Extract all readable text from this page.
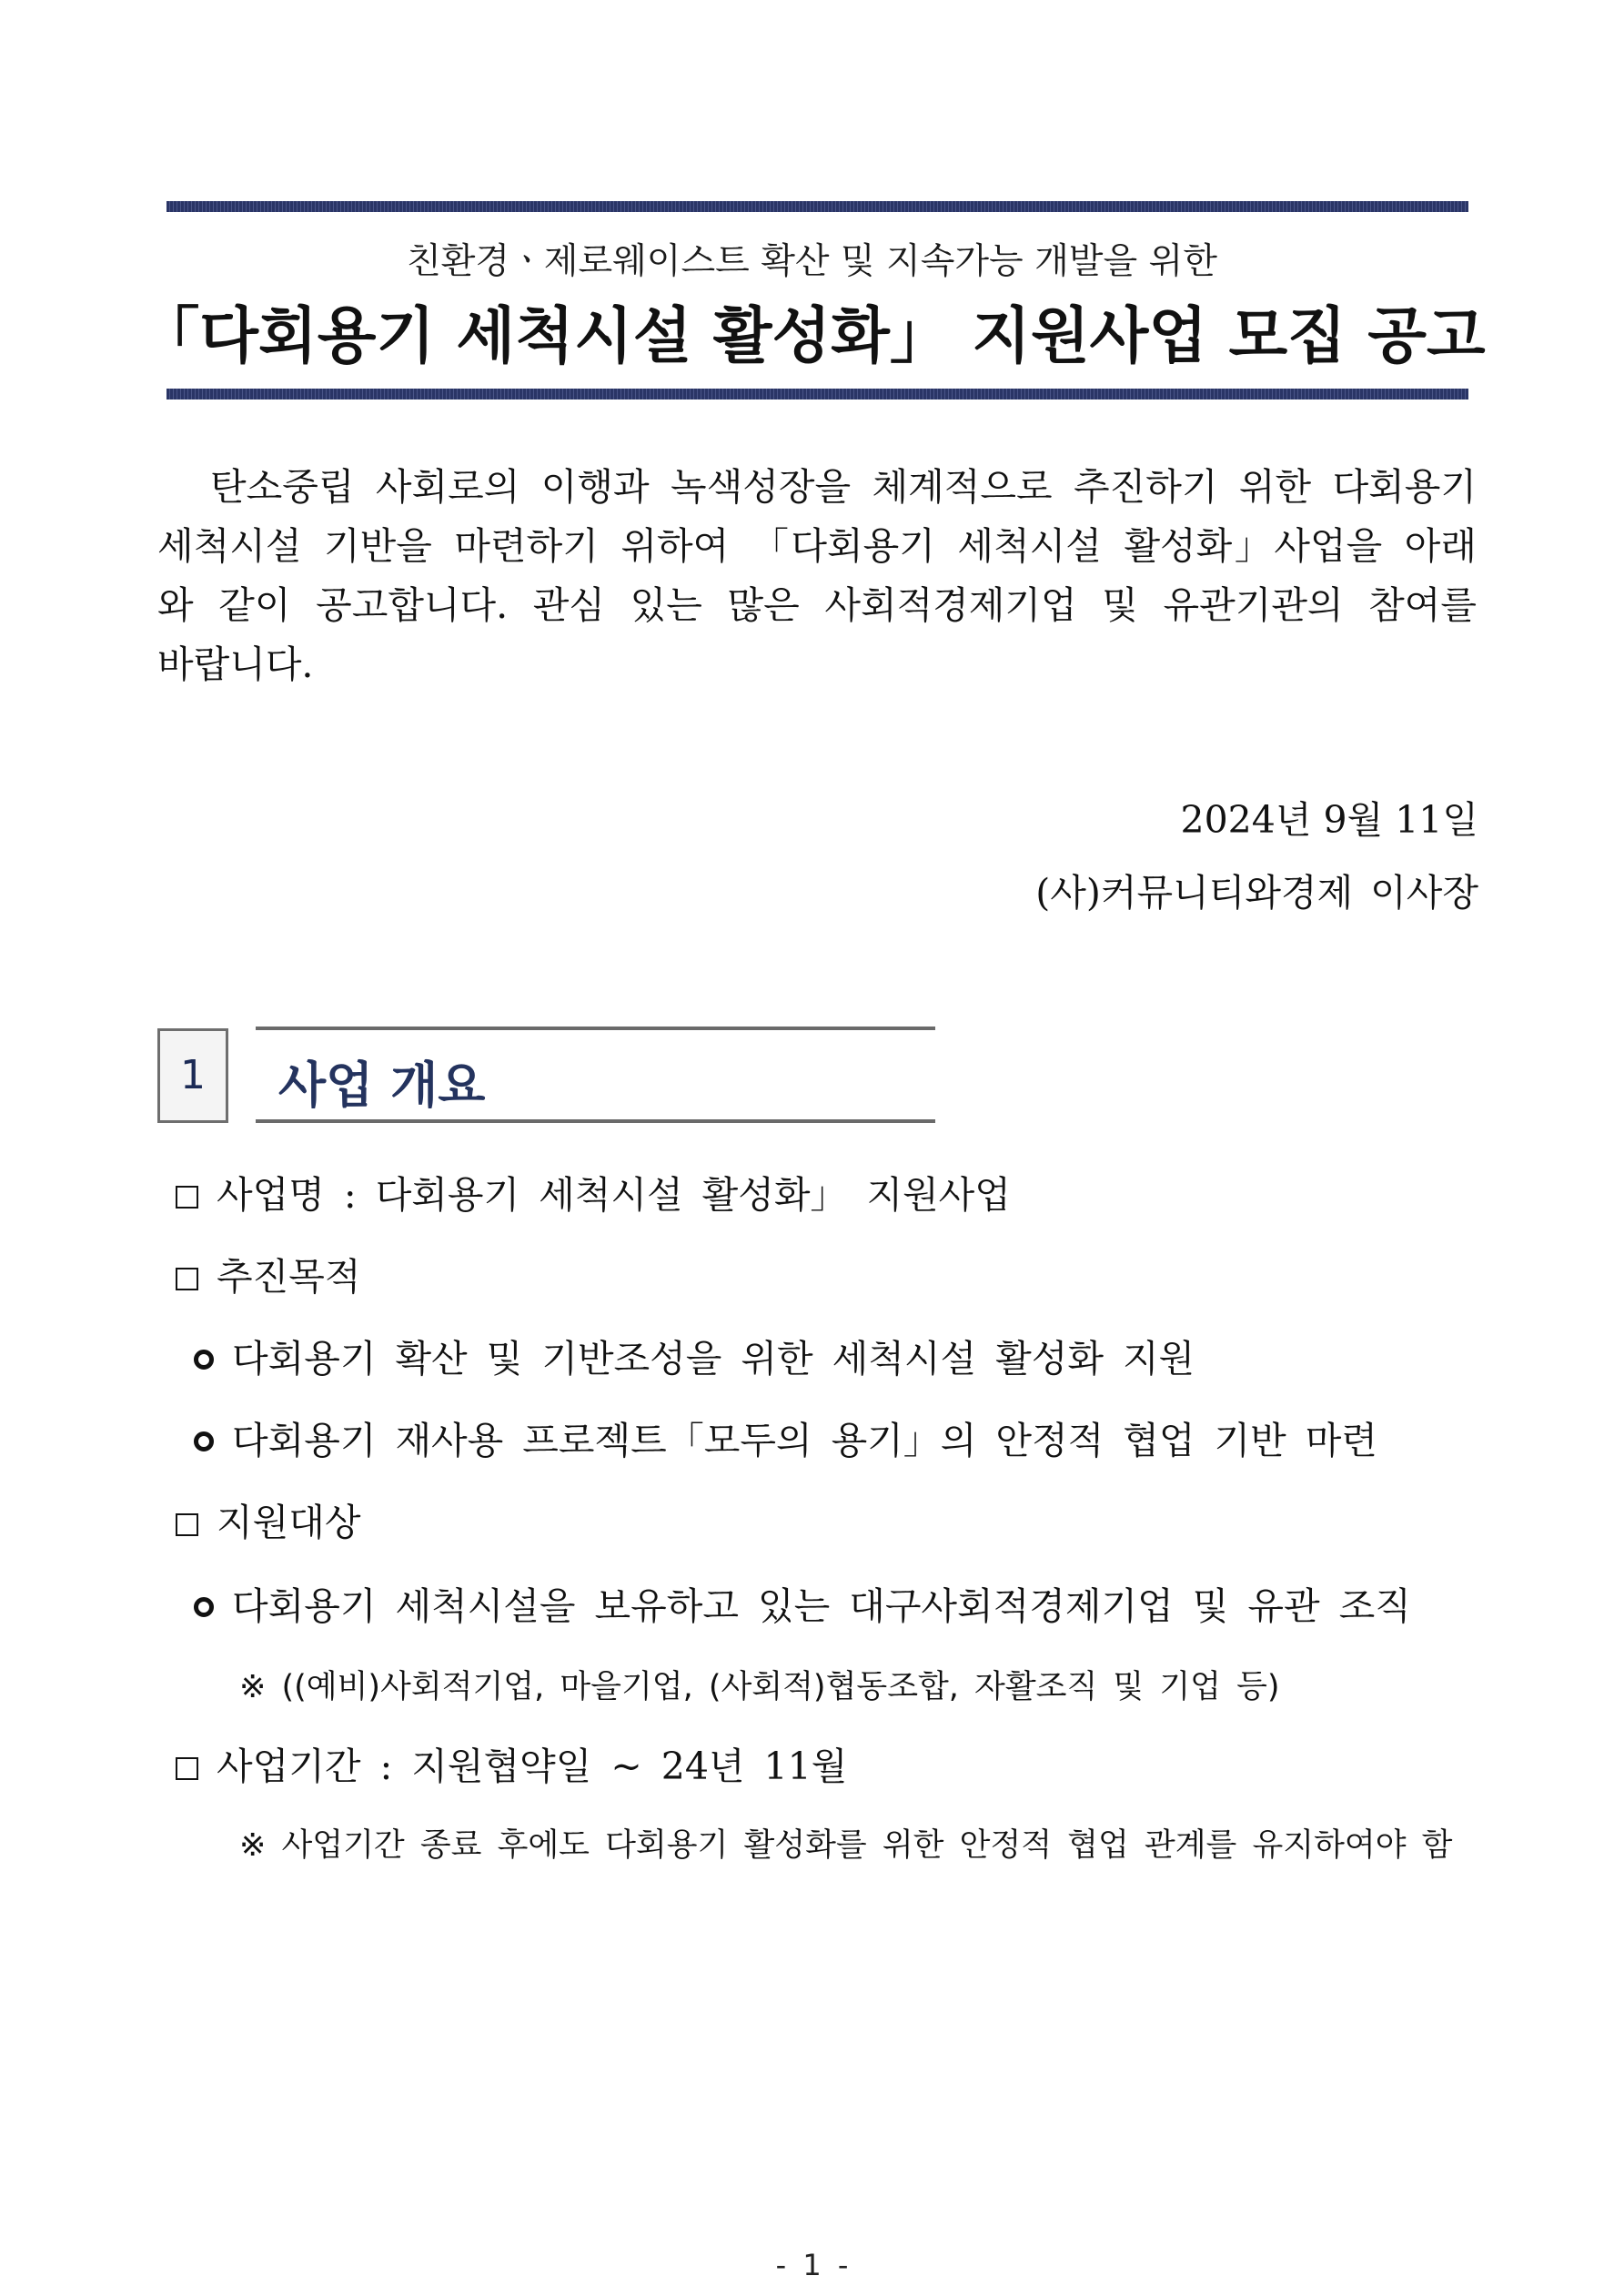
친환경ㆍ제로웨이스트 확산 및 지속가능 개발을 위한
「다회용기 세척시설 활성화」 지원사업 모집 공고
탄소중립 사회로의 이행과 녹색성장을 체계적으로 추진하기 위한 다회용기 세척시설 기반을 마련하기 위하여 「다회용기 세척시설 활성화」사업을 아래와 같이 공고합니다. 관심 있는 많은 사회적경제기업 및 유관기관의 참여를 바랍니다.
2024년 9월 11일
(사)커뮤니티와경제 이사장
1	사업 개요
사업명 : 다회용기 세척시설 활성화」 지원사업
추진목적
다회용기 확산 및 기반조성을 위한 세척시설 활성화 지원
다회용기 재사용 프로젝트「모두의 용기」의 안정적 협업 기반 마련
지원대상
다회용기 세척시설을 보유하고 있는 대구사회적경제기업 및 유관 조직
※ ((예비)사회적기업, 마을기업, (사회적)협동조합, 자활조직 및 기업 등)
사업기간 : 지원협약일 ~ 24년 11월
※ 사업기간 종료 후에도 다회용기 활성화를 위한 안정적 협업 관계를 유지하여야 함
- 1 -
